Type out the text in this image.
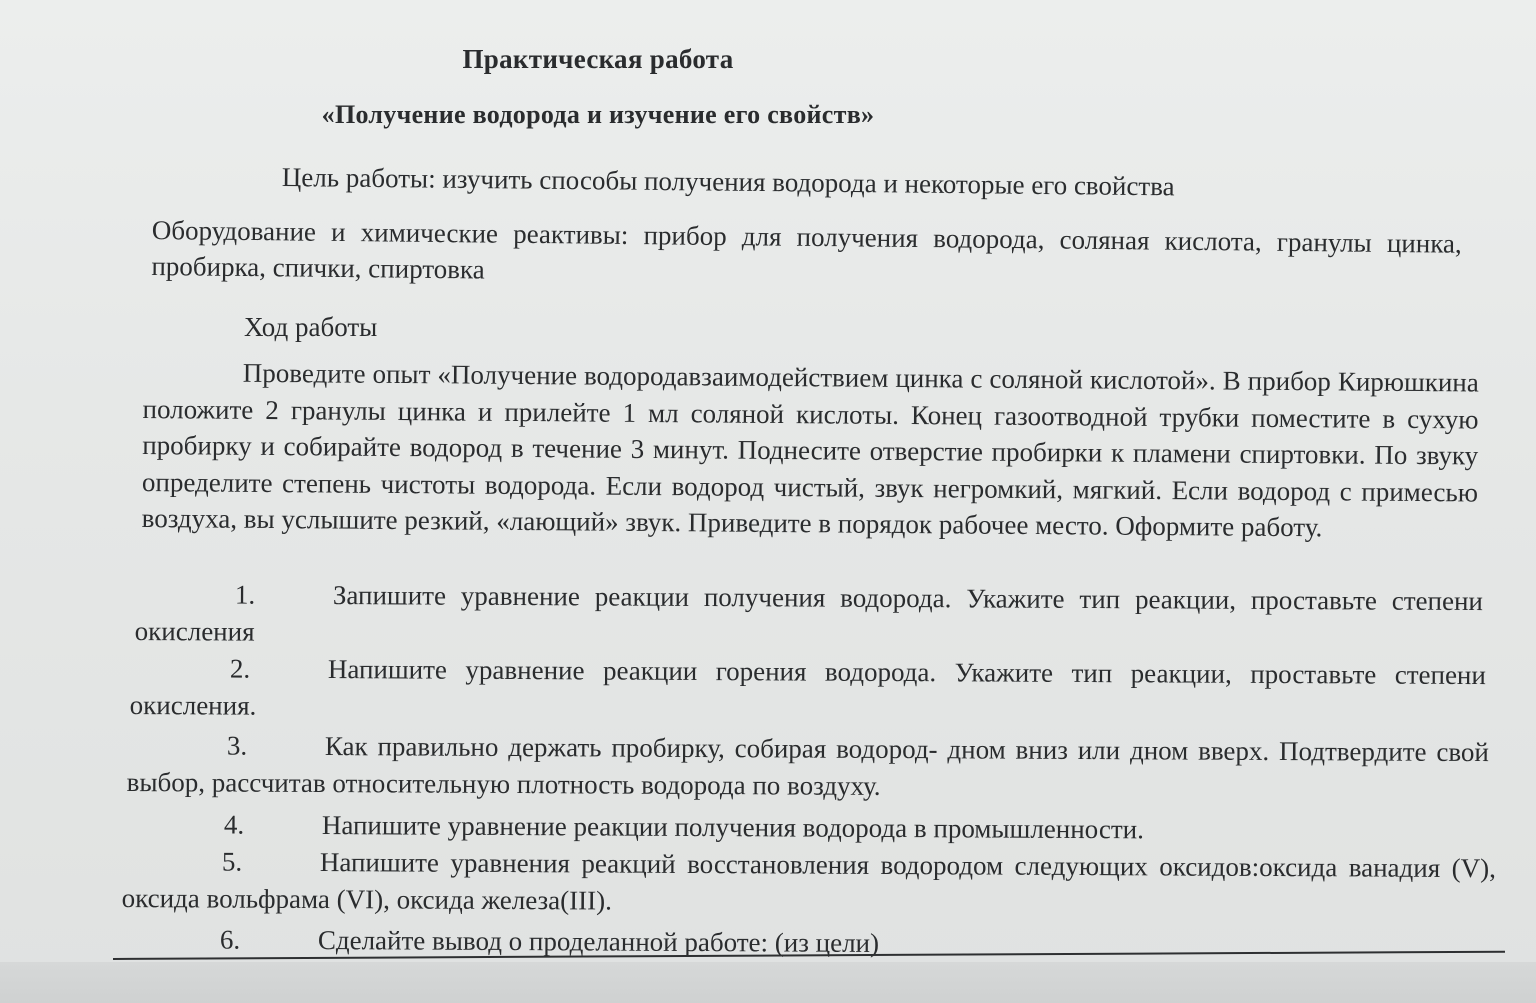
Практическая работа
«Получение водорода и изучение его свойств»
Цель работы: изучить способы получения водорода и некоторые его свойства
Оборудование и химические реактивы: прибор для получения водорода, соляная кислота, гранулы цинка, пробирка, спички, спиртовка
Ход работы
Проведите опыт «Получение водородавзаимодействием цинка с соляной кислотой». В прибор Кирюшкина положите 2 гранулы цинка и прилейте 1 мл соляной кислоты. Конец газоотводной трубки поместите в сухую пробирку и собирайте водород в течение 3 минут. Поднесите отверстие пробирки к пламени спиртовки. По звуку определите степень чистоты водорода. Если водород чистый, звук негромкий, мягкий. Если водород с примесью воздуха, вы услышите резкий, «лающий» звук. Приведите в порядок рабочее место. Оформите работу.
1.	Запишите уравнение реакции получения водорода. Укажите тип реакции, проставьте степени окисления
2.	Напишите уравнение реакции горения водорода. Укажите тип реакции, проставьте степени окисления.
3.	Как правильно держать пробирку, собирая водород- дном вниз или дном вверх. Подтвердите свой выбор, рассчитав относительную плотность водорода по воздуху.
4.	Напишите уравнение реакции получения водорода в промышленности.
5.	Напишите уравнения реакций восстановления водородом следующих оксидов:оксида ванадия (V), оксида вольфрама (VI), оксида железа(III).
6.	Сделайте вывод о проделанной работе: (из цели)
